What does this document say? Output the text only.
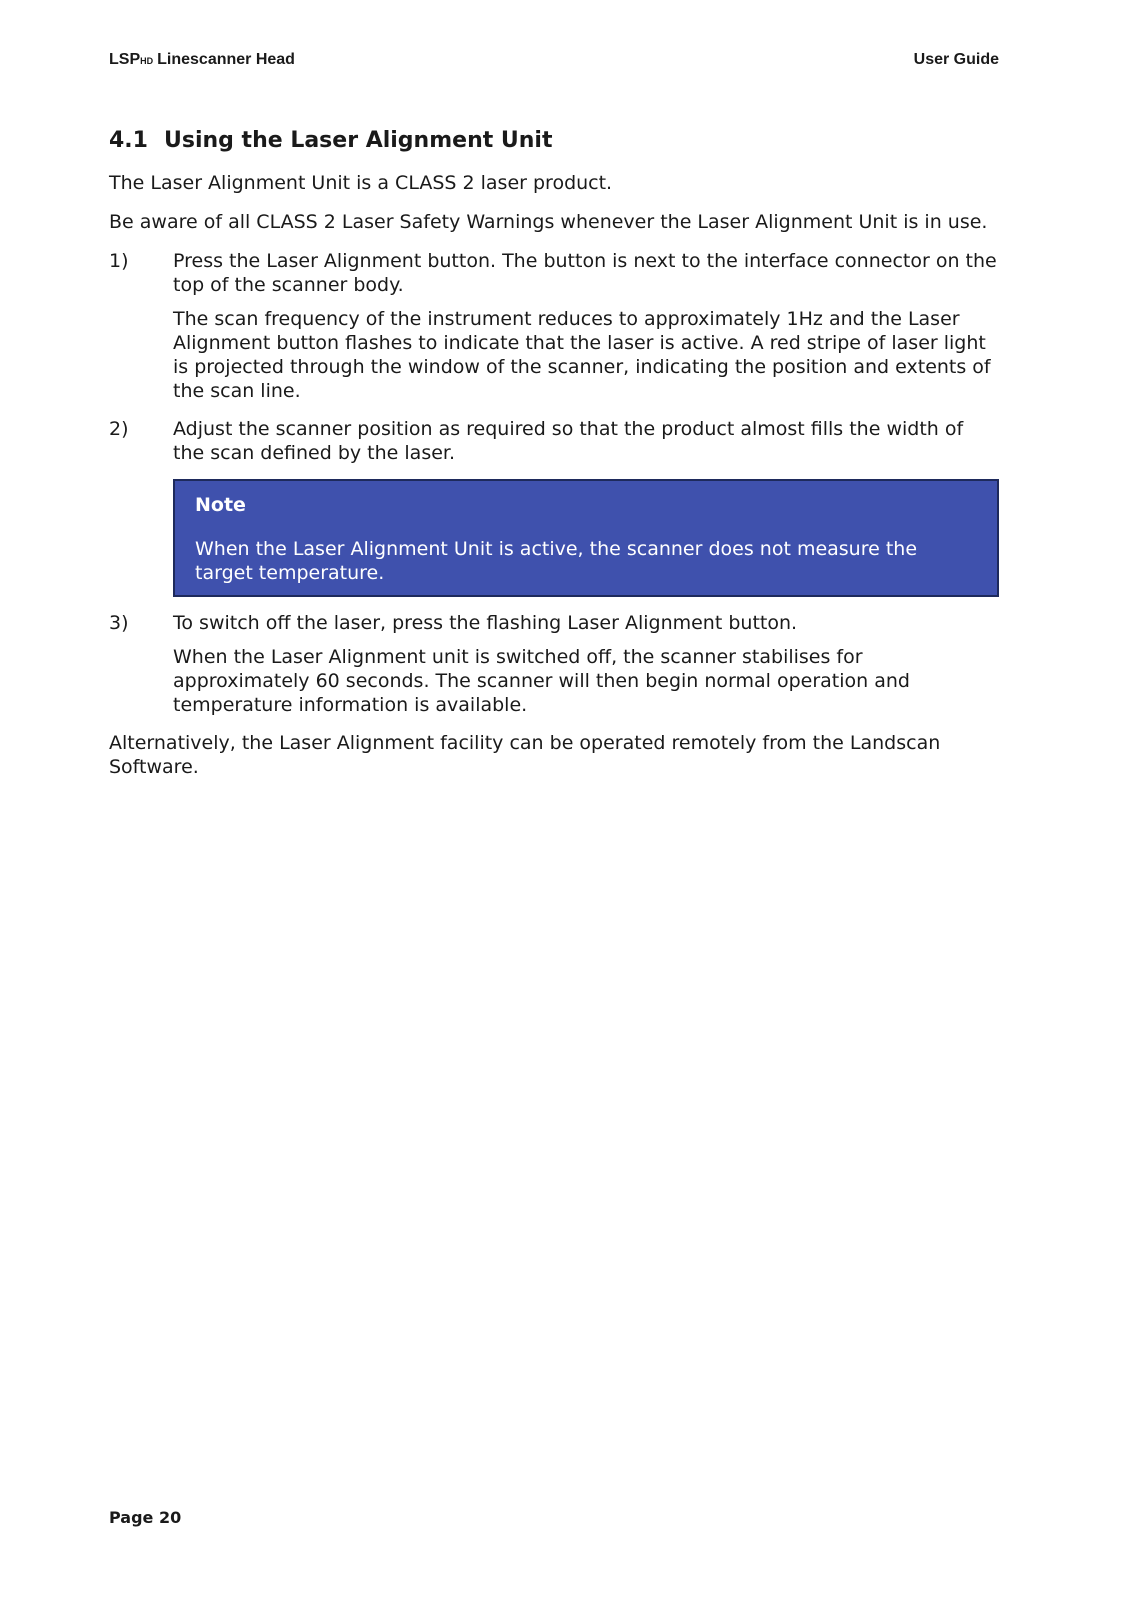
LSPHD Linescanner Head	User Guide
4.1 Using the Laser Alignment Unit

The Laser Alignment Unit is a CLASS 2 laser product.

Be aware of all CLASS 2 Laser Safety Warnings whenever the Laser Alignment Unit is in use.

1)	Press the Laser Alignment button. The button is next to the interface connector on the top of the scanner body.

The scan frequency of the instrument reduces to approximately 1Hz and the Laser Alignment button flashes to indicate that the laser is active. A red stripe of laser light is projected through the window of the scanner, indicating the position and extents of the scan line.

2)	Adjust the scanner position as required so that the product almost fills the width of the scan defined by the laser.

Note
When the Laser Alignment Unit is active, the scanner does not measure the target temperature.
3)	To switch off the laser, press the flashing Laser Alignment button.

When the Laser Alignment unit is switched off, the scanner stabilises for approximately 60 seconds. The scanner will then begin normal operation and temperature information is available.

Alternatively, the Laser Alignment facility can be operated remotely from the Landscan Software.

Page 20
